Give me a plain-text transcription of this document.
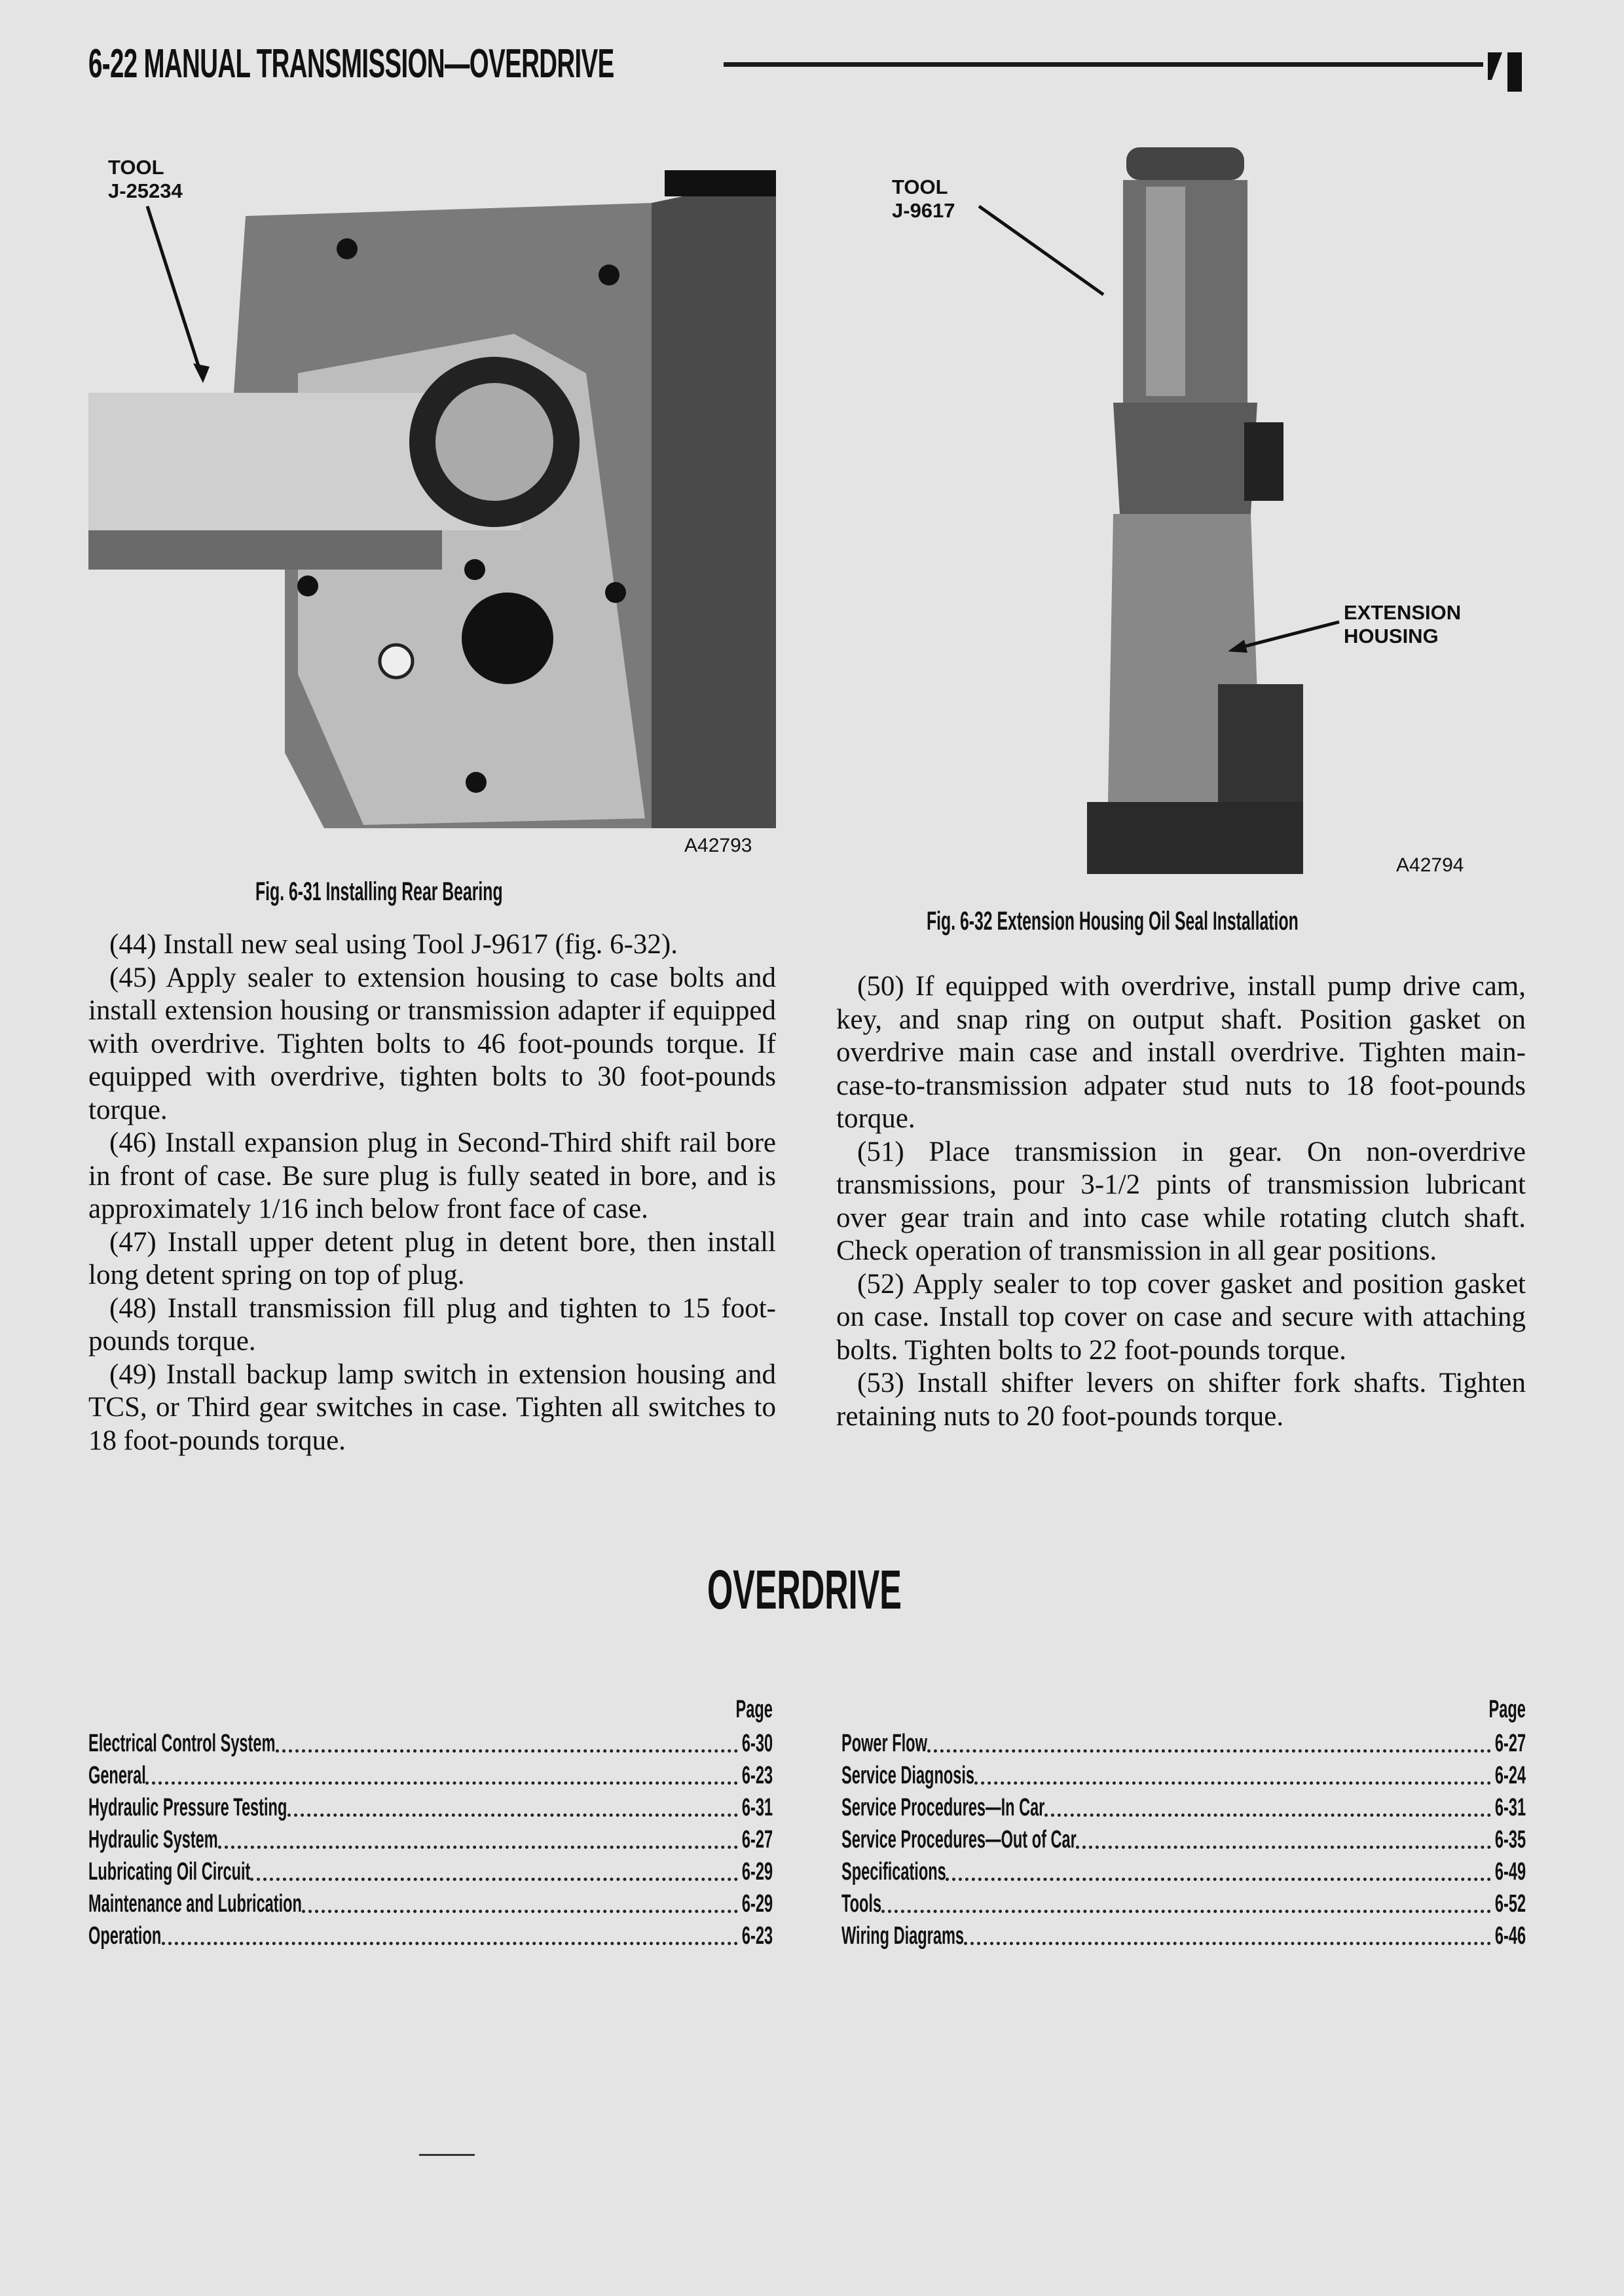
6-22 MANUAL TRANSMISSION—OVERDRIVE
TOOL
J-25234
A42793
Fig. 6-31 Installing Rear Bearing
TOOL
J-9617
EXTENSION
HOUSING
A42794
Fig. 6-32 Extension Housing Oil Seal Installation

(44) Install new seal using Tool J-9617 (fig. 6-32).

(45) Apply sealer to extension housing to case bolts and install extension housing or transmission adapter if equipped with overdrive. Tighten bolts to 46 foot-pounds torque. If equipped with overdrive, tighten bolts to 30 foot-pounds torque.

(46) Install expansion plug in Second-Third shift rail bore in front of case. Be sure plug is fully seated in bore, and is approximately 1/16 inch below front face of case.

(47) Install upper detent plug in detent bore, then install long detent spring on top of plug.

(48) Install transmission fill plug and tighten to 15 foot-pounds torque.

(49) Install backup lamp switch in extension housing and TCS, or Third gear switches in case. Tighten all switches to 18 foot-pounds torque.

(50) If equipped with overdrive, install pump drive cam, key, and snap ring on output shaft. Position gasket on overdrive main case and install overdrive. Tighten main-case-to-transmission adpater stud nuts to 18 foot-pounds torque.

(51) Place transmission in gear. On non-overdrive transmissions, pour 3-1/2 pints of transmission lubricant over gear train and into case while rotating clutch shaft. Check operation of transmission in all gear positions.

(52) Apply sealer to top cover gasket and position gasket on case. Install top cover on case and secure with attaching bolts. Tighten bolts to 22 foot-pounds torque.

(53) Install shifter levers on shifter fork shafts. Tighten retaining nuts to 20 foot-pounds torque.

OVERDRIVE
Page
Electrical Control System	6-30
General	6-23
Hydraulic Pressure Testing	6-31
Hydraulic System	6-27
Lubricating Oil Circuit	6-29
Maintenance and Lubrication	6-29
Operation	6-23
Page
Power Flow	6-27
Service Diagnosis	6-24
Service Procedures—In Car	6-31
Service Procedures—Out of Car	6-35
Specifications	6-49
Tools	6-52
Wiring Diagrams	6-46
